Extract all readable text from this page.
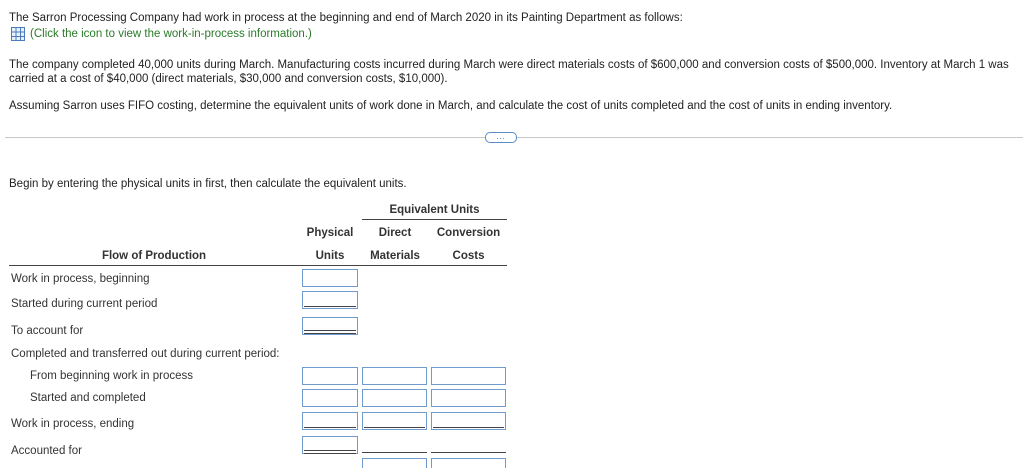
The Sarron Processing Company had work in process at the beginning and end of March 2020 in its Painting Department as follows:

(Click the icon to view the work-in-process information.)

The company completed 40,000 units during March. Manufacturing costs incurred during March were direct materials costs of $600,000 and conversion costs of $500,000. Inventory at March 1 was carried at a cost of $40,000 (direct materials, $30,000 and conversion costs, $10,000).

Assuming Sarron uses FIFO costing, determine the equivalent units of work done in March, and calculate the cost of units completed and the cost of units in ending inventory.

…

Begin by entering the physical units in first, then calculate the equivalent units.

Equivalent Units
Physical
Units
Direct
Materials
Conversion
Costs
Flow of Production
Work in process, beginning
Started during current period
To account for
Completed and transferred out during current period:
From beginning work in process
Started and completed
Work in process, ending
Accounted for
